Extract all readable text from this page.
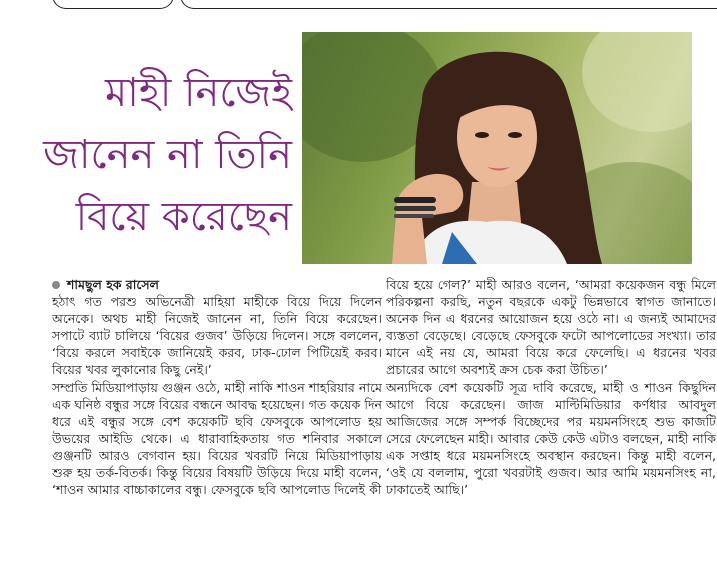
মাহী নিজেই
জানেন না তিনি
বিয়ে করেছেন
শামছুল হক রাসেল

হঠাৎ গত পরশু অভিনেত্রী মাহিয়া মাহীকে বিয়ে দিয়ে দিলেন অনেকে। অথচ মাহী নিজেই জানেন না, তিনি বিয়ে করেছেন। সপাটে ব্যাট চালিয়ে ‘বিয়ের গুজব’ উড়িয়ে দিলেন। সঙ্গে বললেন, ‘বিয়ে করলে সবাইকে জানিয়েই করব, ঢাক-ঢোল পিটিয়েই করব। বিয়ের খবর লুকানোর কিছু নেই।’

সম্প্রতি মিডিয়াপাড়ায় গুঞ্জন ওঠে, মাহী নাকি শাওন শাহরিয়ার নামে এক ঘনিষ্ঠ বন্ধুর সঙ্গে বিয়ের বন্ধনে আবদ্ধ হয়েছেন। গত কয়েক দিন ধরে এই বন্ধুর সঙ্গে বেশ কয়েকটি ছবি ফেসবুকে আপলোড হয় উভয়ের আইডি থেকে। এ ধারাবাহিকতায় গত শনিবার সকালে গুঞ্জনটি আরও বেগবান হয়। বিয়ের খবরটি নিয়ে মিডিয়াপাড়ায় শুরু হয় তর্ক-বিতর্ক। কিন্তু বিয়ের বিষয়টি উড়িয়ে দিয়ে মাহী বলেন, ‘শাওন আমার বাচ্চাকালের বন্ধু। ফেসবুকে ছবি আপলোড দিলেই কী

বিয়ে হয়ে গেল?’ মাহী আরও বলেন, ‘আমরা কয়েকজন বন্ধু মিলে পরিকল্পনা করছি, নতুন বছরকে একটু ভিন্নভাবে স্বাগত জানাতে। অনেক দিন এ ধরনের আয়োজন হয়ে ওঠে না। এ জন্যই আমাদের ব্যস্ততা বেড়েছে। বেড়েছে ফেসবুকে ফটো আপলোডের সংখ্যা। তার মানে এই নয় যে, আমরা বিয়ে করে ফেলেছি। এ ধরনের খবর প্রচারের আগে অবশ্যই ক্রস চেক করা উচিত।’

অন্যদিকে বেশ কয়েকটি সূত্র দাবি করেছে, মাহী ও শাওন কিছুদিন আগে বিয়ে করেছেন। জাজ মাল্টিমিডিয়ার কর্ণধার আবদুল আজিজের সঙ্গে সম্পর্ক বিচ্ছেদের পর ময়মনসিংহে শুভ কাজটি সেরে ফেলেছেন মাহী। আবার কেউ কেউ এটাও বলছেন, মাহী নাকি এক সপ্তাহ ধরে ময়মনসিংহে অবস্থান করছেন। কিন্তু মাহী বলেন, ‘ওই যে বললাম, পুরো খবরটাই গুজব। আর আমি ময়মনসিংহ না, ঢাকাতেই আছি।’
